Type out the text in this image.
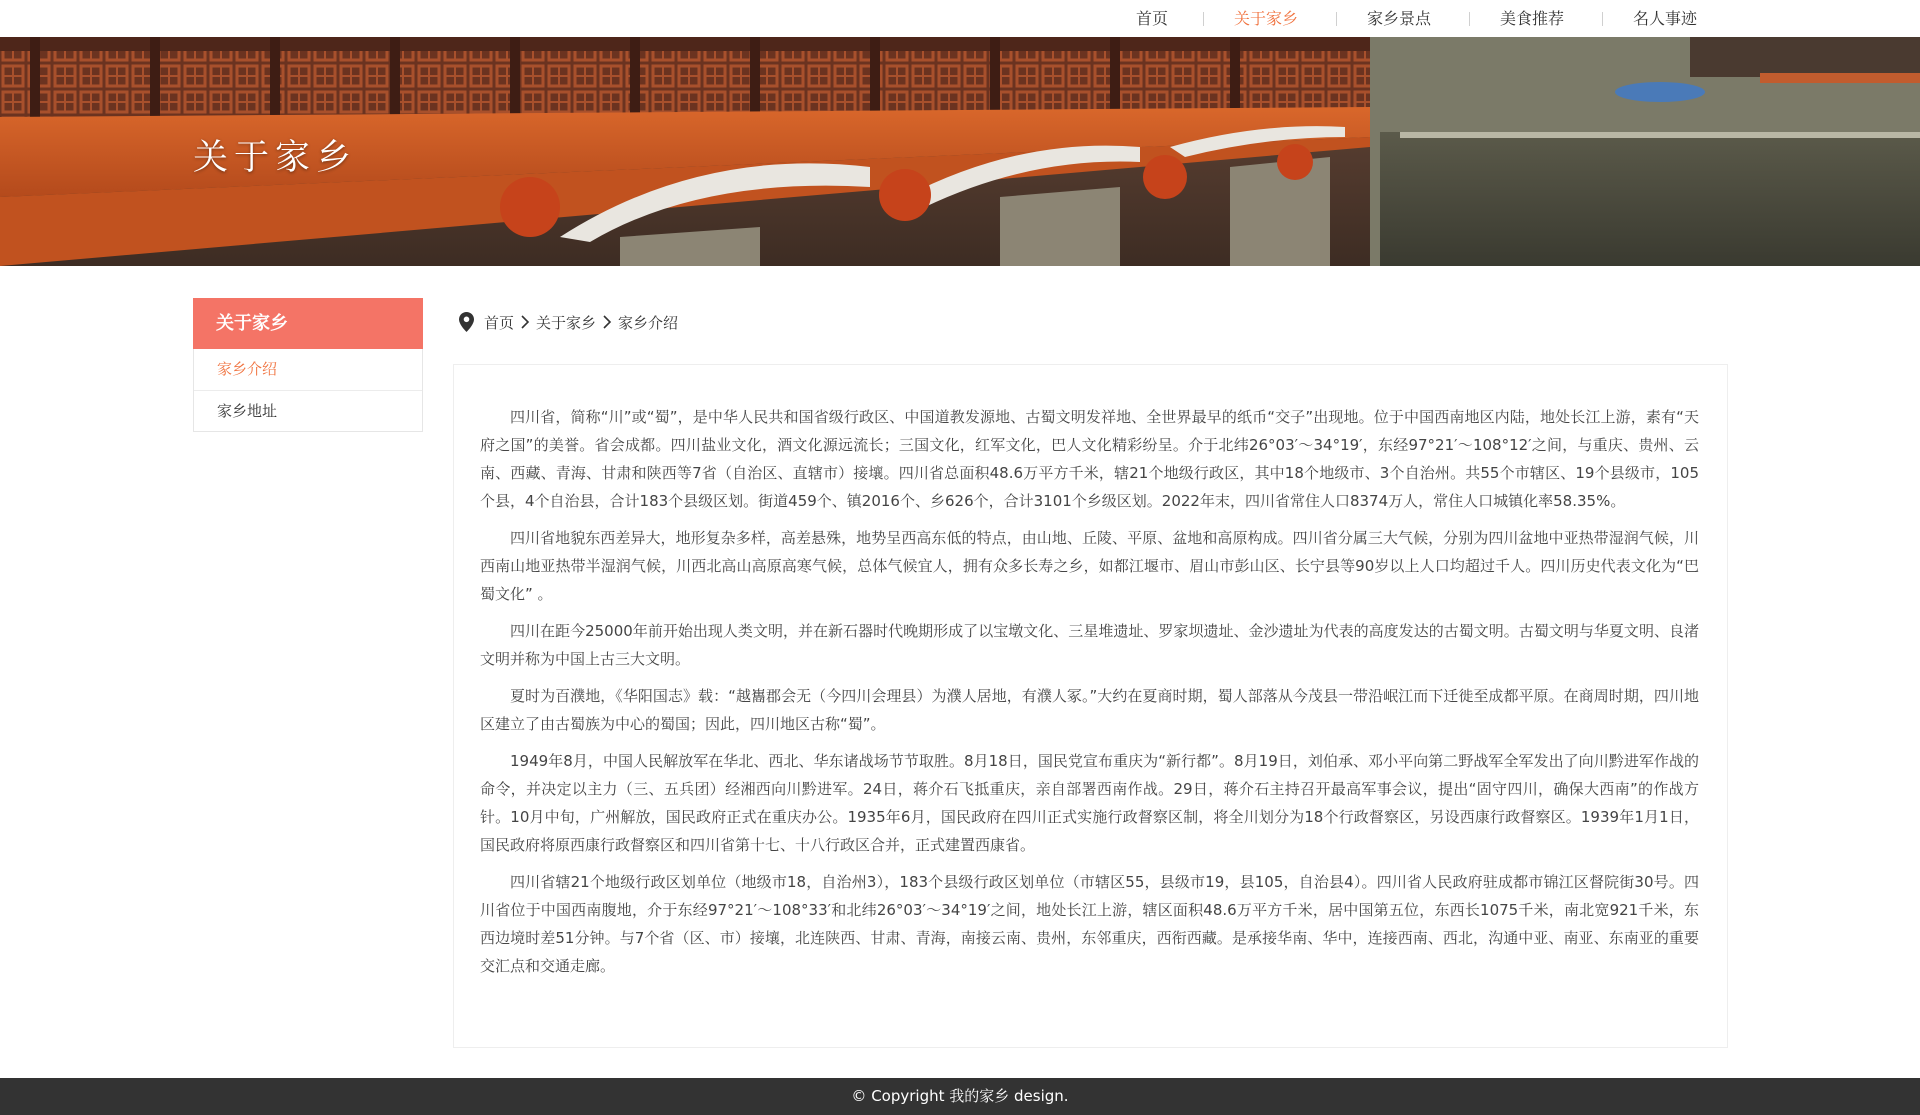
首页	关于家乡	家乡景点	美食推荐	名人事迹
关于家乡
关于家乡
家乡介绍
家乡地址
首页 关于家乡 家乡介绍

四川省，简称“川”或“蜀”，是中华人民共和国省级行政区、中国道教发源地、古蜀文明发祥地、全世界最早的纸币“交子”出现地。位于中国西南地区内陆，地处长江上游，素有“天府之国”的美誉。省会成都。四川盐业文化，酒文化源远流长；三国文化，红军文化，巴人文化精彩纷呈。介于北纬26°03′～34°19′，东经97°21′～108°12′之间，与重庆、贵州、云南、西藏、青海、甘肃和陕西等7省（自治区、直辖市）接壤。四川省总面积48.6万平方千米，辖21个地级行政区，其中18个地级市、3个自治州。共55个市辖区、19个县级市，105个县，4个自治县，合计183个县级区划。街道459个、镇2016个、乡626个，合计3101个乡级区划。2022年末，四川省常住人口8374万人，常住人口城镇化率58.35%。

四川省地貌东西差异大，地形复杂多样，高差悬殊，地势呈西高东低的特点，由山地、丘陵、平原、盆地和高原构成。四川省分属三大气候，分别为四川盆地中亚热带湿润气候，川西南山地亚热带半湿润气候，川西北高山高原高寒气候，总体气候宜人，拥有众多长寿之乡，如都江堰市、眉山市彭山区、长宁县等90岁以上人口均超过千人。四川历史代表文化为“巴蜀文化” 。

四川在距今25000年前开始出现人类文明，并在新石器时代晚期形成了以宝墩文化、三星堆遗址、罗家坝遗址、金沙遗址为代表的高度发达的古蜀文明。古蜀文明与华夏文明、良渚文明并称为中国上古三大文明。

夏时为百濮地，《华阳国志》载：“越巂郡会无（今四川会理县）为濮人居地，有濮人冢。”大约在夏商时期，蜀人部落从今茂县一带沿岷江而下迁徙至成都平原。在商周时期，四川地区建立了由古蜀族为中心的蜀国；因此，四川地区古称“蜀”。

1949年8月，中国人民解放军在华北、西北、华东诸战场节节取胜。8月18日，国民党宣布重庆为“新行都”。8月19日，刘伯承、邓小平向第二野战军全军发出了向川黔进军作战的命令，并决定以主力（三、五兵团）经湘西向川黔进军。24日，蒋介石飞抵重庆，亲自部署西南作战。29日，蒋介石主持召开最高军事会议，提出“固守四川，确保大西南”的作战方针。10月中旬，广州解放，国民政府正式在重庆办公。1935年6月，国民政府在四川正式实施行政督察区制，将全川划分为18个行政督察区，另设西康行政督察区。1939年1月1日，国民政府将原西康行政督察区和四川省第十七、十八行政区合并，正式建置西康省。

四川省辖21个地级行政区划单位（地级市18，自治州3），183个县级行政区划单位（市辖区55，县级市19，县105，自治县4）。四川省人民政府驻成都市锦江区督院街30号。四川省位于中国西南腹地，介于东经97°21′～108°33′和北纬26°03′～34°19′之间，地处长江上游，辖区面积48.6万平方千米，居中国第五位，东西长1075千米，南北宽921千米，东西边境时差51分钟。与7个省（区、市）接壤，北连陕西、甘肃、青海，南接云南、贵州，东邻重庆，西衔西藏。是承接华南、华中，连接西南、西北，沟通中亚、南亚、东南亚的重要交汇点和交通走廊。

© Copyright 我的家乡 design.
